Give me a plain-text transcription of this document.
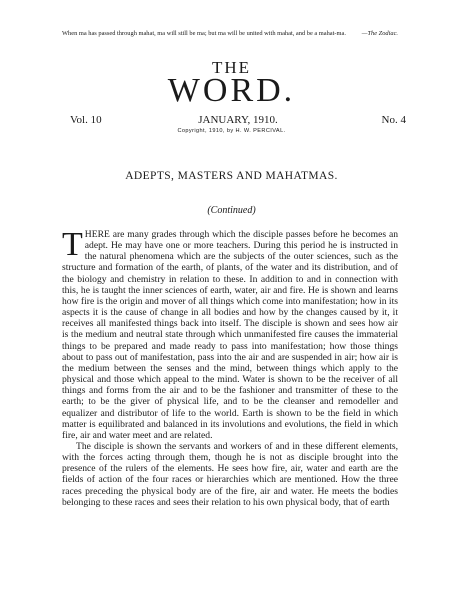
When ma has passed through mahat, ma will still be ma; but ma will be united with mahat, and be a mahat-ma. —The Zodiac.
THE
WORD.
Vol. 10	JANUARY, 1910.	No. 4
Copyright, 1910, by H. W. PERCIVAL.
ADEPTS, MASTERS AND MAHATMAS.
(Continued)

THERE are many grades through which the disciple passes before he becomes an adept. He may have one or more teachers. During this period he is instructed in the natural phenomena which are the subjects of the outer sciences, such as the structure and formation of the earth, of plants, of the water and its distribution, and of the biology and chemistry in relation to these. In addition to and in connection with this, he is taught the inner sciences of earth, water, air and fire. He is shown and learns how fire is the origin and mover of all things which come into manifestation; how in its aspects it is the cause of change in all bodies and how by the changes caused by it, it receives all manifested things back into itself. The disciple is shown and sees how air is the medium and neutral state through which unmanifested fire causes the immaterial things to be prepared and made ready to pass into manifestation; how those things about to pass out of manifestation, pass into the air and are suspended in air; how air is the medium between the senses and the mind, between things which apply to the physical and those which appeal to the mind. Water is shown to be the receiver of all things and forms from the air and to be the fashioner and transmitter of these to the earth; to be the giver of physical life, and to be the cleanser and remodeller and equalizer and distributor of life to the world. Earth is shown to be the field in which matter is equilibrated and balanced in its involutions and evolutions, the field in which fire, air and water meet and are related.

The disciple is shown the servants and workers of and in these different elements, with the forces acting through them, though he is not as disciple brought into the presence of the rulers of the elements. He sees how fire, air, water and earth are the fields of action of the four races or hierarchies which are mentioned. How the three races preceding the physical body are of the fire, air and water. He meets the bodies belonging to these races and sees their relation to his own physical body, that of earth
